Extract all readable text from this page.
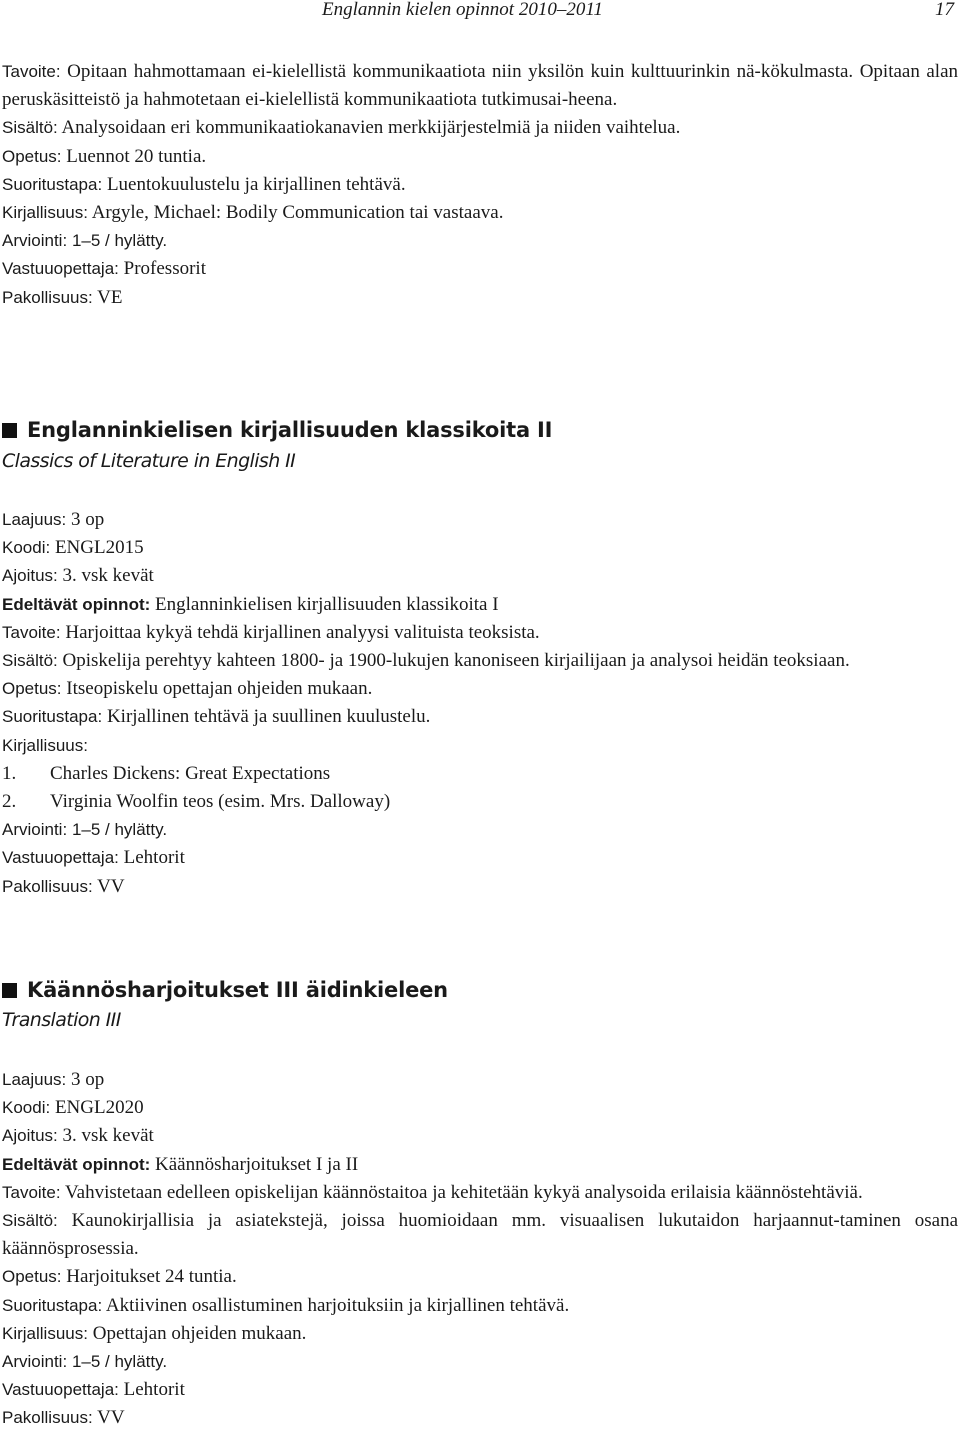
Englannin kielen opinnot 2010–2011	17

Tavoite: Opitaan hahmottamaan ei-kielellistä kommunikaatiota niin yksilön kuin kulttuurinkin nä-kökulmasta. Opitaan alan peruskäsitteistö ja hahmotetaan ei-kielellistä kommunikaatiota tutkimusai-heena.

Sisältö: Analysoidaan eri kommunikaatiokanavien merkkijärjestelmiä ja niiden vaihtelua.

Opetus: Luennot 20 tuntia.

Suoritustapa: Luentokuulustelu ja kirjallinen tehtävä.

Kirjallisuus: Argyle, Michael: Bodily Communication tai vastaava.

Arviointi: 1–5 / hylätty.

Vastuuopettaja: Professorit

Pakollisuus: VE

Englanninkielisen kirjallisuuden klassikoita II
Classics of Literature in English II

Laajuus: 3 op

Koodi: ENGL2015

Ajoitus: 3. vsk kevät

Edeltävät opinnot: Englanninkielisen kirjallisuuden klassikoita I

Tavoite: Harjoittaa kykyä tehdä kirjallinen analyysi valituista teoksista.

Sisältö: Opiskelija perehtyy kahteen 1800- ja 1900-lukujen kanoniseen kirjailijaan ja analysoi heidän teoksiaan.

Opetus: Itseopiskelu opettajan ohjeiden mukaan.

Suoritustapa: Kirjallinen tehtävä ja suullinen kuulustelu.

Kirjallisuus:

1. Charles Dickens: Great Expectations
2. Virginia Woolfin teos (esim. Mrs. Dalloway)

Arviointi: 1–5 / hylätty.

Vastuuopettaja: Lehtorit

Pakollisuus: VV

Käännösharjoitukset III äidinkieleen
Translation III

Laajuus: 3 op

Koodi: ENGL2020

Ajoitus: 3. vsk kevät

Edeltävät opinnot: Käännösharjoitukset I ja II

Tavoite: Vahvistetaan edelleen opiskelijan käännöstaitoa ja kehitetään kykyä analysoida erilaisia käännöstehtäviä.

Sisältö: Kaunokirjallisia ja asiatekstejä, joissa huomioidaan mm. visuaalisen lukutaidon harjaannut-taminen osana käännösprosessia.

Opetus: Harjoitukset 24 tuntia.

Suoritustapa: Aktiivinen osallistuminen harjoituksiin ja kirjallinen tehtävä.

Kirjallisuus: Opettajan ohjeiden mukaan.

Arviointi: 1–5 / hylätty.

Vastuuopettaja: Lehtorit

Pakollisuus: VV
